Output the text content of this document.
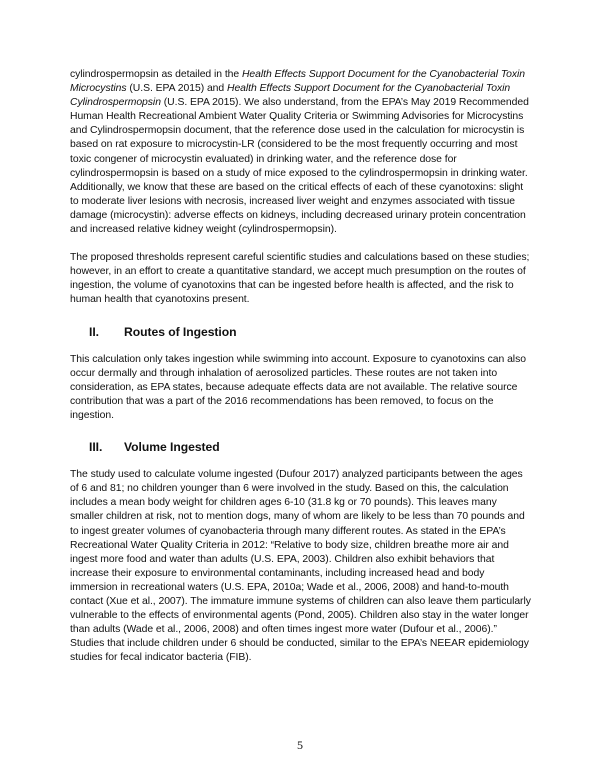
cylindrospermopsin as detailed in the Health Effects Support Document for the Cyanobacterial Toxin Microcystins (U.S. EPA 2015) and Health Effects Support Document for the Cyanobacterial Toxin Cylindrospermopsin (U.S. EPA 2015). We also understand, from the EPA’s May 2019 Recommended Human Health Recreational Ambient Water Quality Criteria or Swimming Advisories for Microcystins and Cylindrospermopsin document, that the reference dose used in the calculation for microcystin is based on rat exposure to microcystin-LR (considered to be the most frequently occurring and most toxic congener of microcystin evaluated) in drinking water, and the reference dose for cylindrospermopsin is based on a study of mice exposed to the cylindrospermopsin in drinking water. Additionally, we know that these are based on the critical effects of each of these cyanotoxins: slight to moderate liver lesions with necrosis, increased liver weight and enzymes associated with tissue damage (microcystin): adverse effects on kidneys, including decreased urinary protein concentration and increased relative kidney weight (cylindrospermopsin).

The proposed thresholds represent careful scientific studies and calculations based on these studies; however, in an effort to create a quantitative standard, we accept much presumption on the routes of ingestion, the volume of cyanotoxins that can be ingested before health is affected, and the risk to human health that cyanotoxins present.

II.	Routes of Ingestion

This calculation only takes ingestion while swimming into account. Exposure to cyanotoxins can also occur dermally and through inhalation of aerosolized particles. These routes are not taken into consideration, as EPA states, because adequate effects data are not available. The relative source contribution that was a part of the 2016 recommendations has been removed, to focus on the ingestion.

III.	Volume Ingested

The study used to calculate volume ingested (Dufour 2017) analyzed participants between the ages of 6 and 81; no children younger than 6 were involved in the study. Based on this, the calculation includes a mean body weight for children ages 6-10 (31.8 kg or 70 pounds). This leaves many smaller children at risk, not to mention dogs, many of whom are likely to be less than 70 pounds and to ingest greater volumes of cyanobacteria through many different routes. As stated in the EPA’s Recreational Water Quality Criteria in 2012: “Relative to body size, children breathe more air and ingest more food and water than adults (U.S. EPA, 2003). Children also exhibit behaviors that increase their exposure to environmental contaminants, including increased head and body immersion in recreational waters (U.S. EPA, 2010a; Wade et al., 2006, 2008) and hand-to-mouth contact (Xue et al., 2007). The immature immune systems of children can also leave them particularly vulnerable to the effects of environmental agents (Pond, 2005). Children also stay in the water longer than adults (Wade et al., 2006, 2008) and often times ingest more water (Dufour et al., 2006).” Studies that include children under 6 should be conducted, similar to the EPA’s NEEAR epidemiology studies for fecal indicator bacteria (FIB).

5
